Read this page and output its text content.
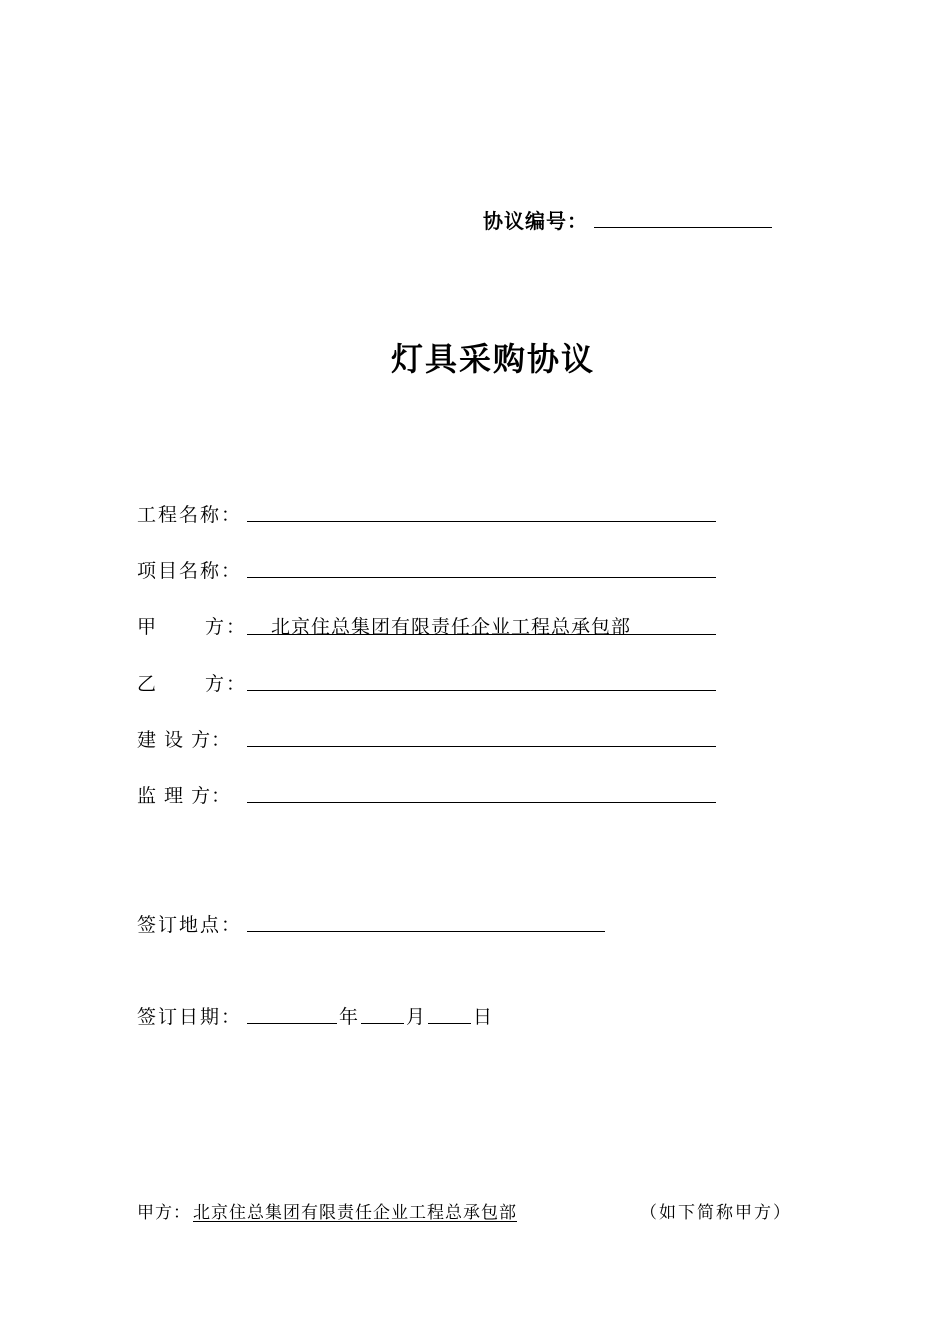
协议编号：
灯具采购协议
工程名称：
项目名称：
甲 方： 北京住总集团有限责任企业工程总承包部
乙 方：
建 设 方：
监 理 方：
签订地点：
签订日期：	年 月 日
甲方： 北京住总集团有限责任企业工程总承包部	（如下简称甲方）
